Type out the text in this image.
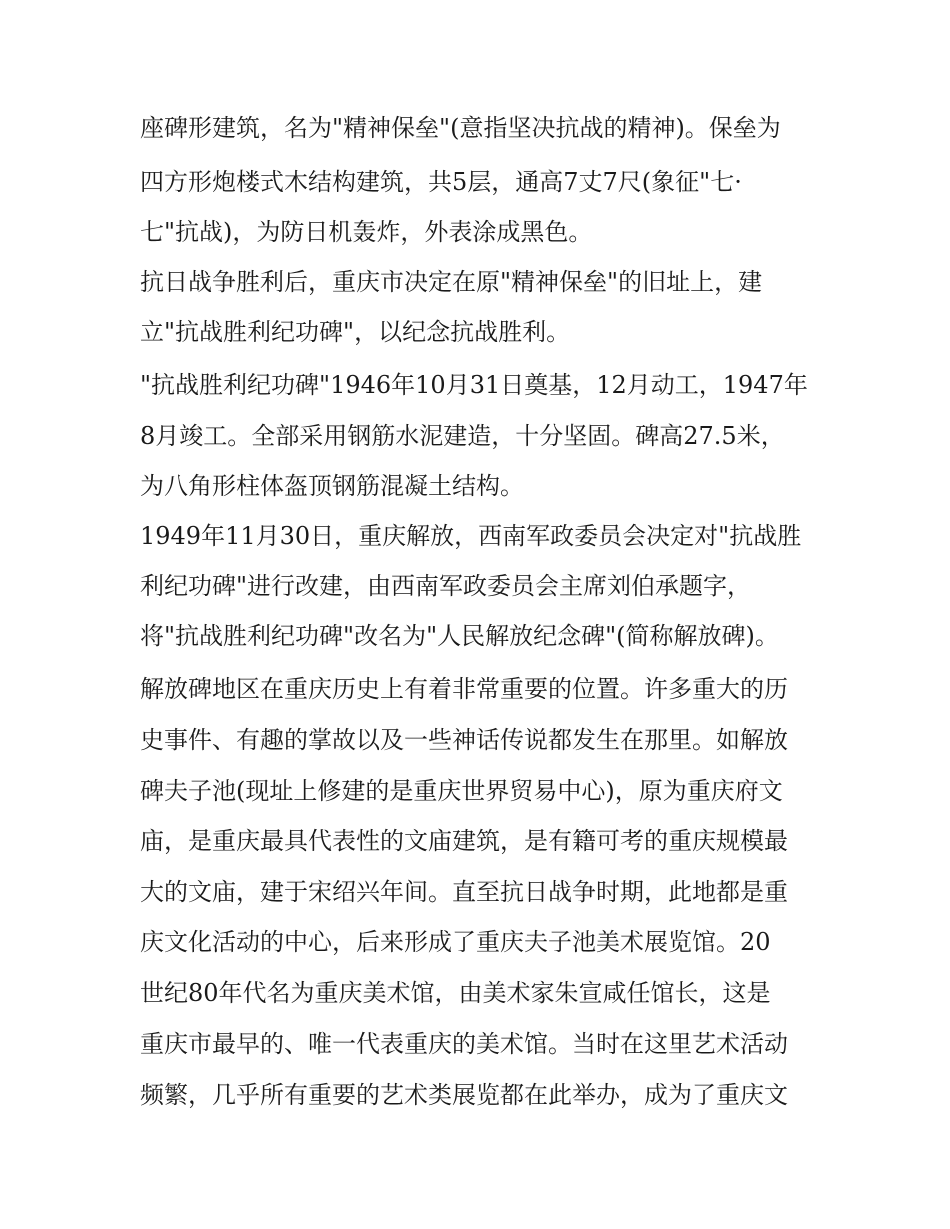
座碑形建筑，名为"精神保垒"(意指坚决抗战的精神)。保垒为
四方形炮楼式木结构建筑，共5层，通高7丈7尺(象征"七·
七"抗战)，为防日机轰炸，外表涂成黑色。
抗日战争胜利后，重庆市决定在原"精神保垒"的旧址上，建
立"抗战胜利纪功碑"，以纪念抗战胜利。
"抗战胜利纪功碑"1946年10月31日奠基，12月动工，1947年
8月竣工。全部采用钢筋水泥建造，十分坚固。碑高27.5米，
为八角形柱体盔顶钢筋混凝土结构。
1949年11月30日，重庆解放，西南军政委员会决定对"抗战胜
利纪功碑"进行改建，由西南军政委员会主席刘伯承题字，
将"抗战胜利纪功碑"改名为"人民解放纪念碑"(简称解放碑)。
解放碑地区在重庆历史上有着非常重要的位置。许多重大的历
史事件、有趣的掌故以及一些神话传说都发生在那里。如解放
碑夫子池(现址上修建的是重庆世界贸易中心)，原为重庆府文
庙，是重庆最具代表性的文庙建筑，是有籍可考的重庆规模最
大的文庙，建于宋绍兴年间。直至抗日战争时期，此地都是重
庆文化活动的中心，后来形成了重庆夫子池美术展览馆。20
世纪80年代名为重庆美术馆，由美术家朱宣咸任馆长，这是
重庆市最早的、唯一代表重庆的美术馆。当时在这里艺术活动
频繁，几乎所有重要的艺术类展览都在此举办，成为了重庆文
